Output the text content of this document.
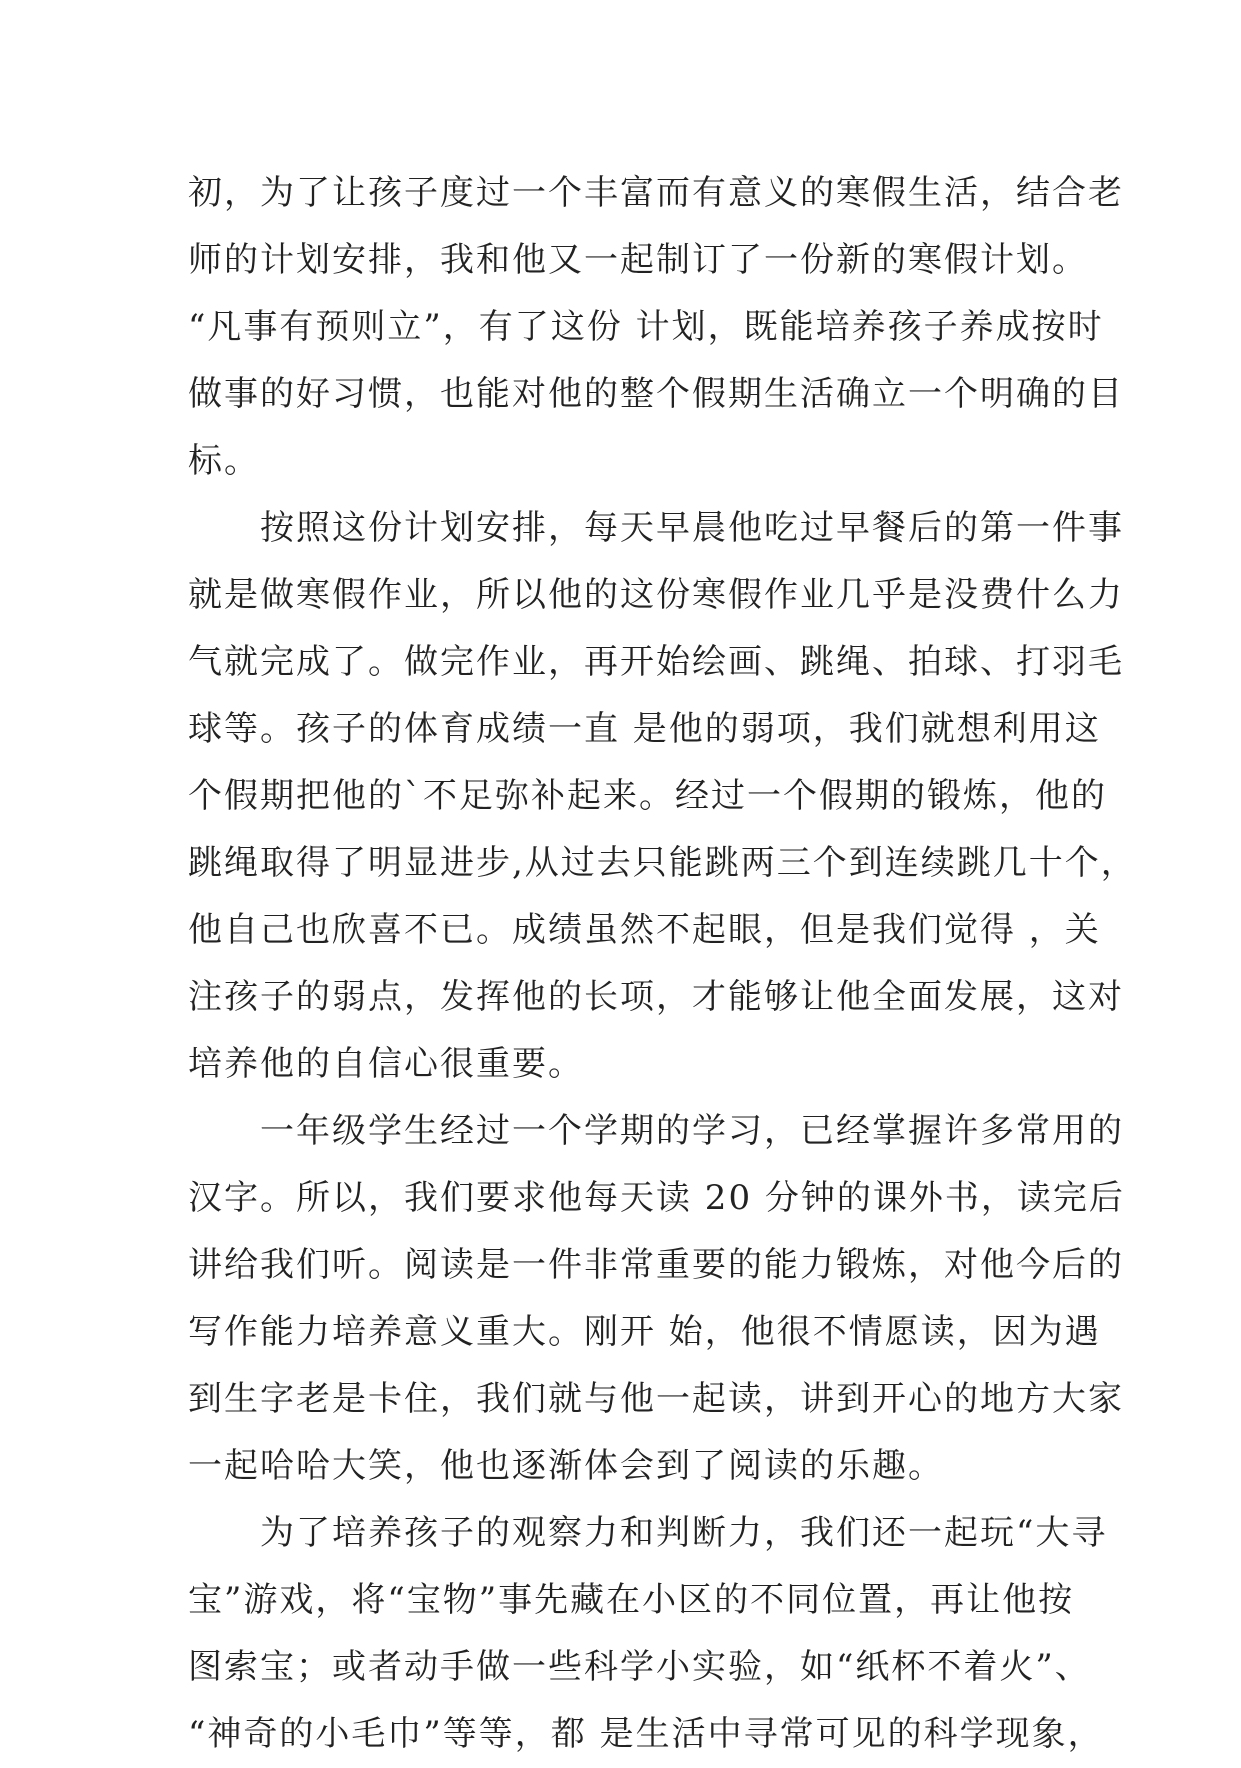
初，为了让孩子度过一个丰富而有意义的寒假生活，结合老
师的计划安排，我和他又一起制订了一份新的寒假计划。
“凡事有预则立”，有了这份 计划，既能培养孩子养成按时
做事的好习惯，也能对他的整个假期生活确立一个明确的目
标。
　　按照这份计划安排，每天早晨他吃过早餐后的第一件事
就是做寒假作业，所以他的这份寒假作业几乎是没费什么力
气就完成了。做完作业，再开始绘画、跳绳、拍球、打羽毛
球等。孩子的体育成绩一直 是他的弱项，我们就想利用这
个假期把他的`不足弥补起来。经过一个假期的锻炼，他的
跳绳取得了明显进步,从过去只能跳两三个到连续跳几十个，
他自己也欣喜不已。成绩虽然不起眼，但是我们觉得 ，关
注孩子的弱点，发挥他的长项，才能够让他全面发展，这对
培养他的自信心很重要。
　　一年级学生经过一个学期的学习，已经掌握许多常用的
汉字。所以，我们要求他每天读 20 分钟的课外书，读完后
讲给我们听。阅读是一件非常重要的能力锻炼，对他今后的
写作能力培养意义重大。刚开 始，他很不情愿读，因为遇
到生字老是卡住，我们就与他一起读，讲到开心的地方大家
一起哈哈大笑，他也逐渐体会到了阅读的乐趣。
　　为了培养孩子的观察力和判断力，我们还一起玩“大寻
宝”游戏，将“宝物”事先藏在小区的不同位置，再让他按
图索宝；或者动手做一些科学小实验，如“纸杯不着火”、
“神奇的小毛巾”等等，都 是生活中寻常可见的科学现象，
